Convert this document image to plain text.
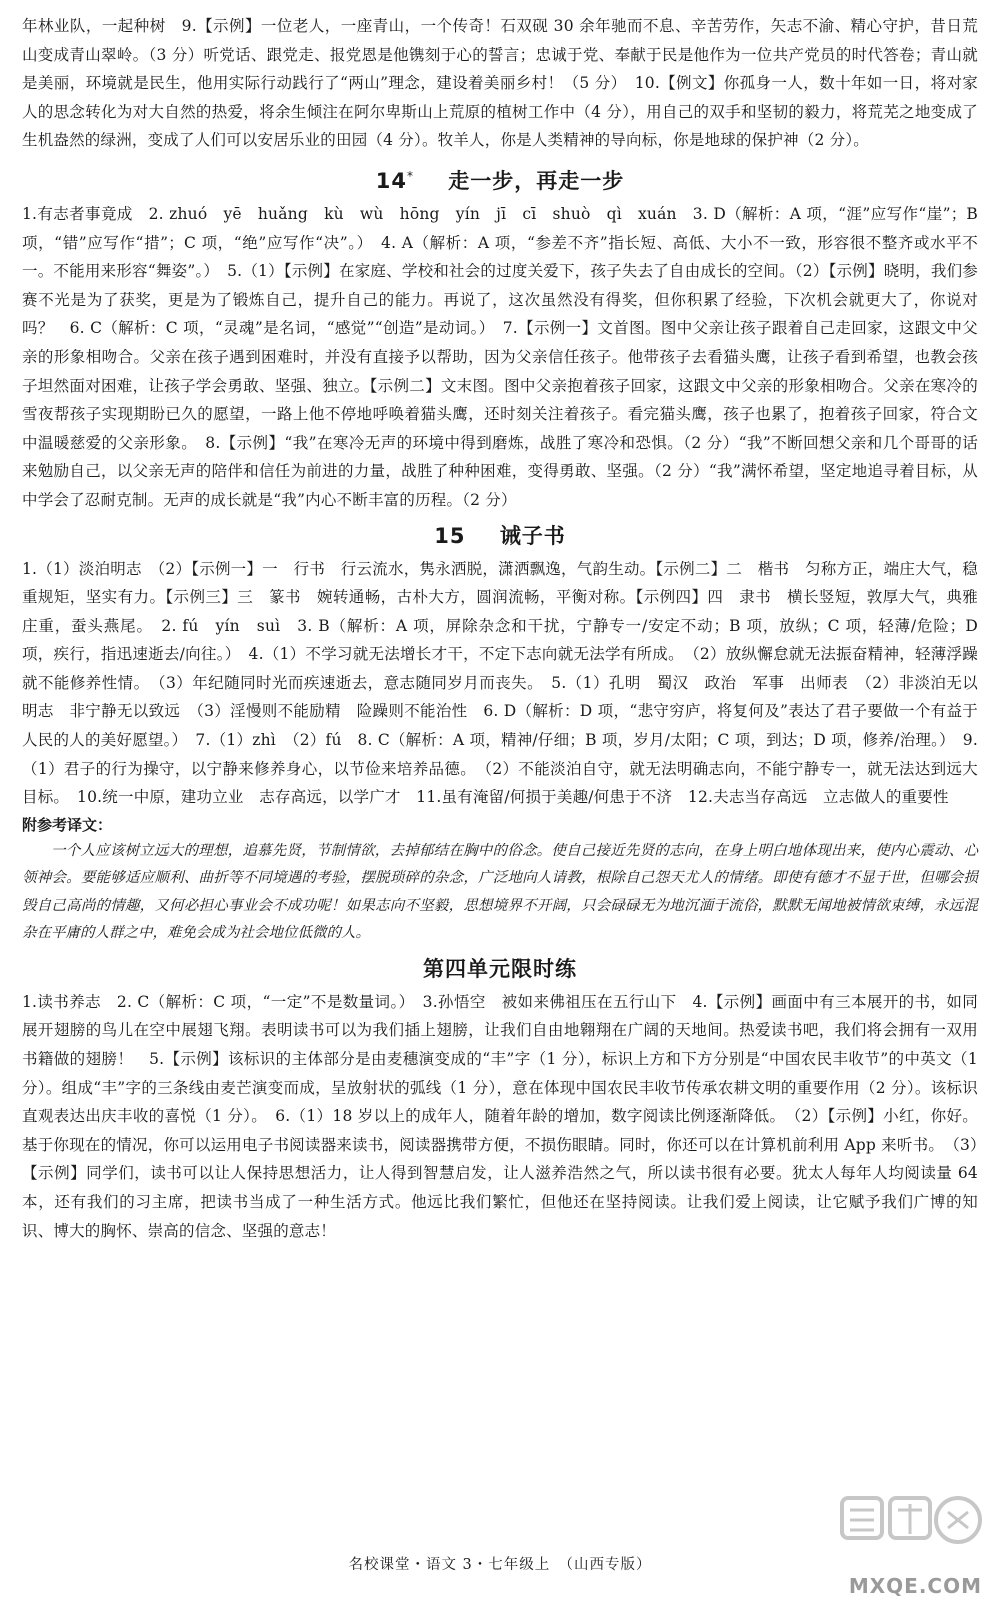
年林业队，一起种树　9.【示例】一位老人，一座青山，一个传奇！石双砚 30 余年驰而不息、辛苦劳作，矢志不渝、精心守护，昔日荒山变成青山翠岭。（3 分）听党话、跟党走、报党恩是他镌刻于心的誓言；忠诚于党、奉献于民是他作为一位共产党员的时代答卷；青山就是美丽，环境就是民生，他用实际行动践行了“两山”理念，建设着美丽乡村！（5 分）　10.【例文】你孤身一人，数十年如一日，将对家人的思念转化为对大自然的热爱，将余生倾注在阿尔卑斯山上荒原的植树工作中（4 分），用自己的双手和坚韧的毅力，将荒芜之地变成了生机盎然的绿洲，变成了人们可以安居乐业的田园（4 分）。牧羊人，你是人类精神的导向标，你是地球的保护神（2 分）。

14* 走一步，再走一步

1.有志者事竟成　2. zhuó　yē　huǎng　kù　wù　hōng　yín　jī　cī　shuò　qì　xuán　3. D（解析：A 项，“涯”应写作“崖”；B 项，“错”应写作“措”；C 项，“绝”应写作“决”。）　4. A（解析：A 项，“参差不齐”指长短、高低、大小不一致，形容很不整齐或水平不一。不能用来形容“舞姿”。）　5.（1）【示例】在家庭、学校和社会的过度关爱下，孩子失去了自由成长的空间。（2）【示例】晓明，我们参赛不光是为了获奖，更是为了锻炼自己，提升自己的能力。再说了，这次虽然没有得奖，但你积累了经验，下次机会就更大了，你说对吗？　6. C（解析：C 项，“灵魂”是名词，“感觉”“创造”是动词。）　7.【示例一】文首图。图中父亲让孩子跟着自己走回家，这跟文中父亲的形象相吻合。父亲在孩子遇到困难时，并没有直接予以帮助，因为父亲信任孩子。他带孩子去看猫头鹰，让孩子看到希望，也教会孩子坦然面对困难，让孩子学会勇敢、坚强、独立。【示例二】文末图。图中父亲抱着孩子回家，这跟文中父亲的形象相吻合。父亲在寒冷的雪夜帮孩子实现期盼已久的愿望，一路上他不停地呼唤着猫头鹰，还时刻关注着孩子。看完猫头鹰，孩子也累了，抱着孩子回家，符合文中温暖慈爱的父亲形象。　8.【示例】“我”在寒冷无声的环境中得到磨炼，战胜了寒冷和恐惧。（2 分）“我”不断回想父亲和几个哥哥的话来勉励自己，以父亲无声的陪伴和信任为前进的力量，战胜了种种困难，变得勇敢、坚强。（2 分）“我”满怀希望，坚定地追寻着目标，从中学会了忍耐克制。无声的成长就是“我”内心不断丰富的历程。（2 分）

15 诫子书

1.（1）淡泊明志　（2）【示例一】一　行书　行云流水，隽永洒脱，潇洒飘逸，气韵生动。【示例二】二　楷书　匀称方正，端庄大气，稳重规矩，坚实有力。【示例三】三　篆书　婉转通畅，古朴大方，圆润流畅，平衡对称。【示例四】四　隶书　横长竖短，敦厚大气，典雅庄重，蚕头燕尾。　2. fú　yín　suì　3. B（解析：A 项，屏除杂念和干扰，宁静专一/安定不动；B 项，放纵；C 项，轻薄/危险；D 项，疾行，指迅速逝去/向往。）　4.（1）不学习就无法增长才干，不定下志向就无法学有所成。　（2）放纵懈怠就无法振奋精神，轻薄浮躁就不能修养性情。　（3）年纪随同时光而疾速逝去，意志随同岁月而丧失。　5.（1）孔明　蜀汉　政治　军事　出师表　（2）非淡泊无以明志　非宁静无以致远　（3）淫慢则不能励精　险躁则不能治性　6. D（解析：D 项，“悲守穷庐，将复何及”表达了君子要做一个有益于人民的人的美好愿望。）　7.（1）zhì　（2）fú　8. C（解析：A 项，精神/仔细；B 项，岁月/太阳；C 项，到达；D 项，修养/治理。）　9.（1）君子的行为操守，以宁静来修养身心，以节俭来培养品德。　（2）不能淡泊自守，就无法明确志向，不能宁静专一，就无法达到远大目标。　10.统一中原，建功立业　志存高远，以学广才　11.虽有淹留/何损于美趣/何患于不济　12.夫志当存高远　立志做人的重要性

附参考译文：

一个人应该树立远大的理想，追慕先贤，节制情欲，去掉郁结在胸中的俗念。使自己接近先贤的志向，在身上明白地体现出来，使内心震动、心领神会。要能够适应顺利、曲折等不同境遇的考验，摆脱琐碎的杂念，广泛地向人请教，根除自己怨天尤人的情绪。即使有德才不显于世，但哪会损毁自己高尚的情趣，又何必担心事业会不成功呢！如果志向不坚毅，思想境界不开阔，只会碌碌无为地沉湎于流俗，默默无闻地被情欲束缚，永远混杂在平庸的人群之中，难免会成为社会地位低微的人。

第四单元限时练

1.读书养志　2. C（解析：C 项，“一定”不是数量词。）　3.孙悟空　被如来佛祖压在五行山下　4.【示例】画面中有三本展开的书，如同展开翅膀的鸟儿在空中展翅飞翔。表明读书可以为我们插上翅膀，让我们自由地翱翔在广阔的天地间。热爱读书吧，我们将会拥有一双用书籍做的翅膀！　5.【示例】该标识的主体部分是由麦穗演变成的“丰”字（1 分），标识上方和下方分别是“中国农民丰收节”的中英文（1 分）。组成“丰”字的三条线由麦芒演变而成，呈放射状的弧线（1 分），意在体现中国农民丰收节传承农耕文明的重要作用（2 分）。该标识直观表达出庆丰收的喜悦（1 分）。　6.（1）18 岁以上的成年人，随着年龄的增加，数字阅读比例逐渐降低。　（2）【示例】小红，你好。基于你现在的情况，你可以运用电子书阅读器来读书，阅读器携带方便，不损伤眼睛。同时，你还可以在计算机前利用 App 来听书。　（3）【示例】同学们，读书可以让人保持思想活力，让人得到智慧启发，让人滋养浩然之气，所以读书很有必要。犹太人每年人均阅读量 64 本，还有我们的习主席，把读书当成了一种生活方式。他远比我们繁忙，但他还在坚持阅读。让我们爱上阅读，让它赋予我们广博的知识、博大的胸怀、崇高的信念、坚强的意志！

名校课堂・语文 3・七年级上　（山西专版）
MXQE.COM
